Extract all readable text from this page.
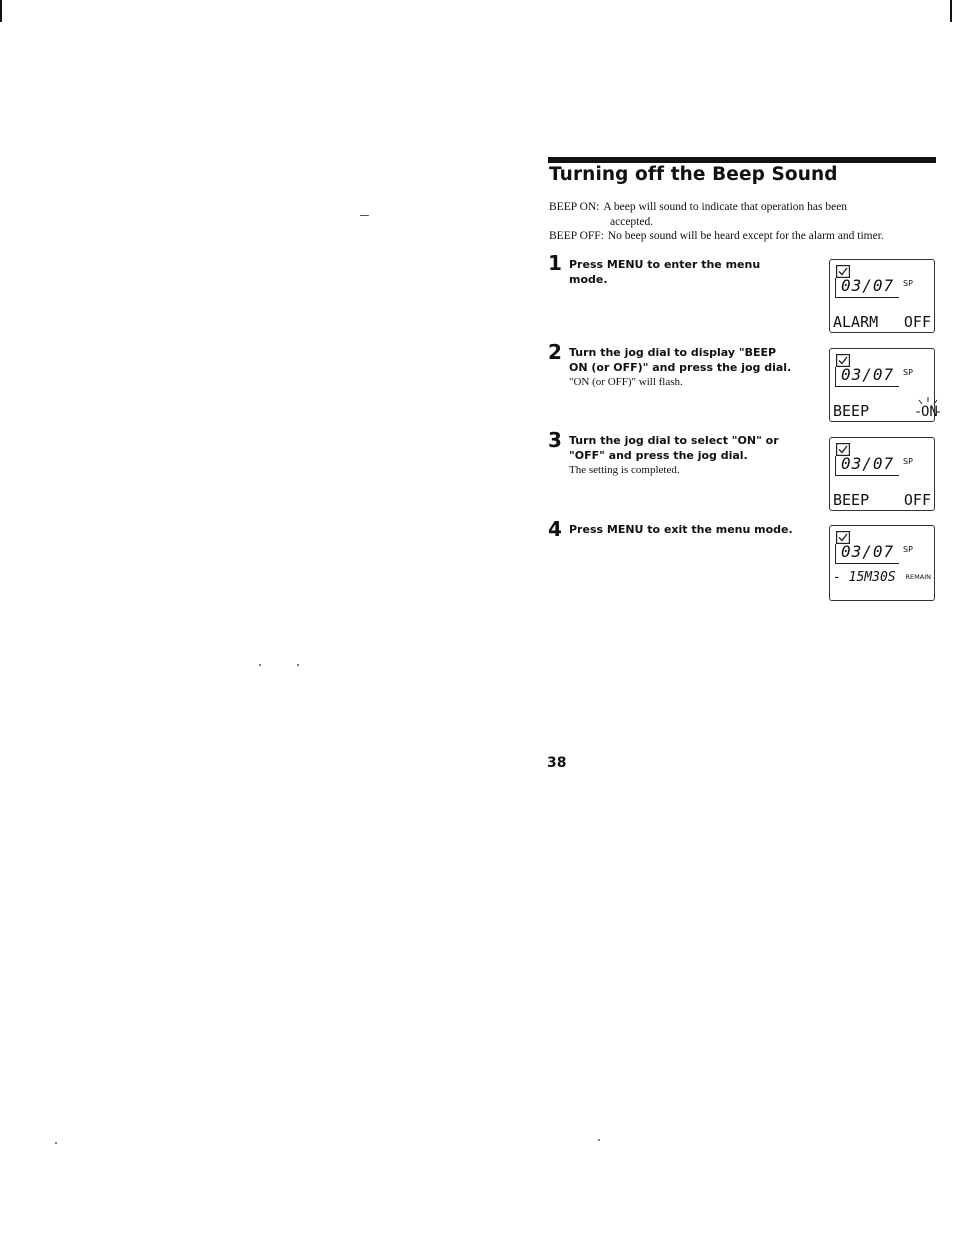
Turning off the Beep Sound
BEEP ON: A beep will sound to indicate that operation has been
accepted.
BEEP OFF: No beep sound will be heard except for the alarm and timer.
1 Press MENU to enter the menu mode.
2 Turn the jog dial to display "BEEP ON (or OFF)" and press the jog dial.
"ON (or OFF)" will flash.
3 Turn the jog dial to select "ON" or "OFF" and press the jog dial.
The setting is completed.
4 Press MENU to exit the menu mode.
03/07 SP
ALARM OFF
03/07 SP
BEEP	ON
03/07 SP
BEEP OFF
03/07 SP
- 15M30S REMAIN
38
